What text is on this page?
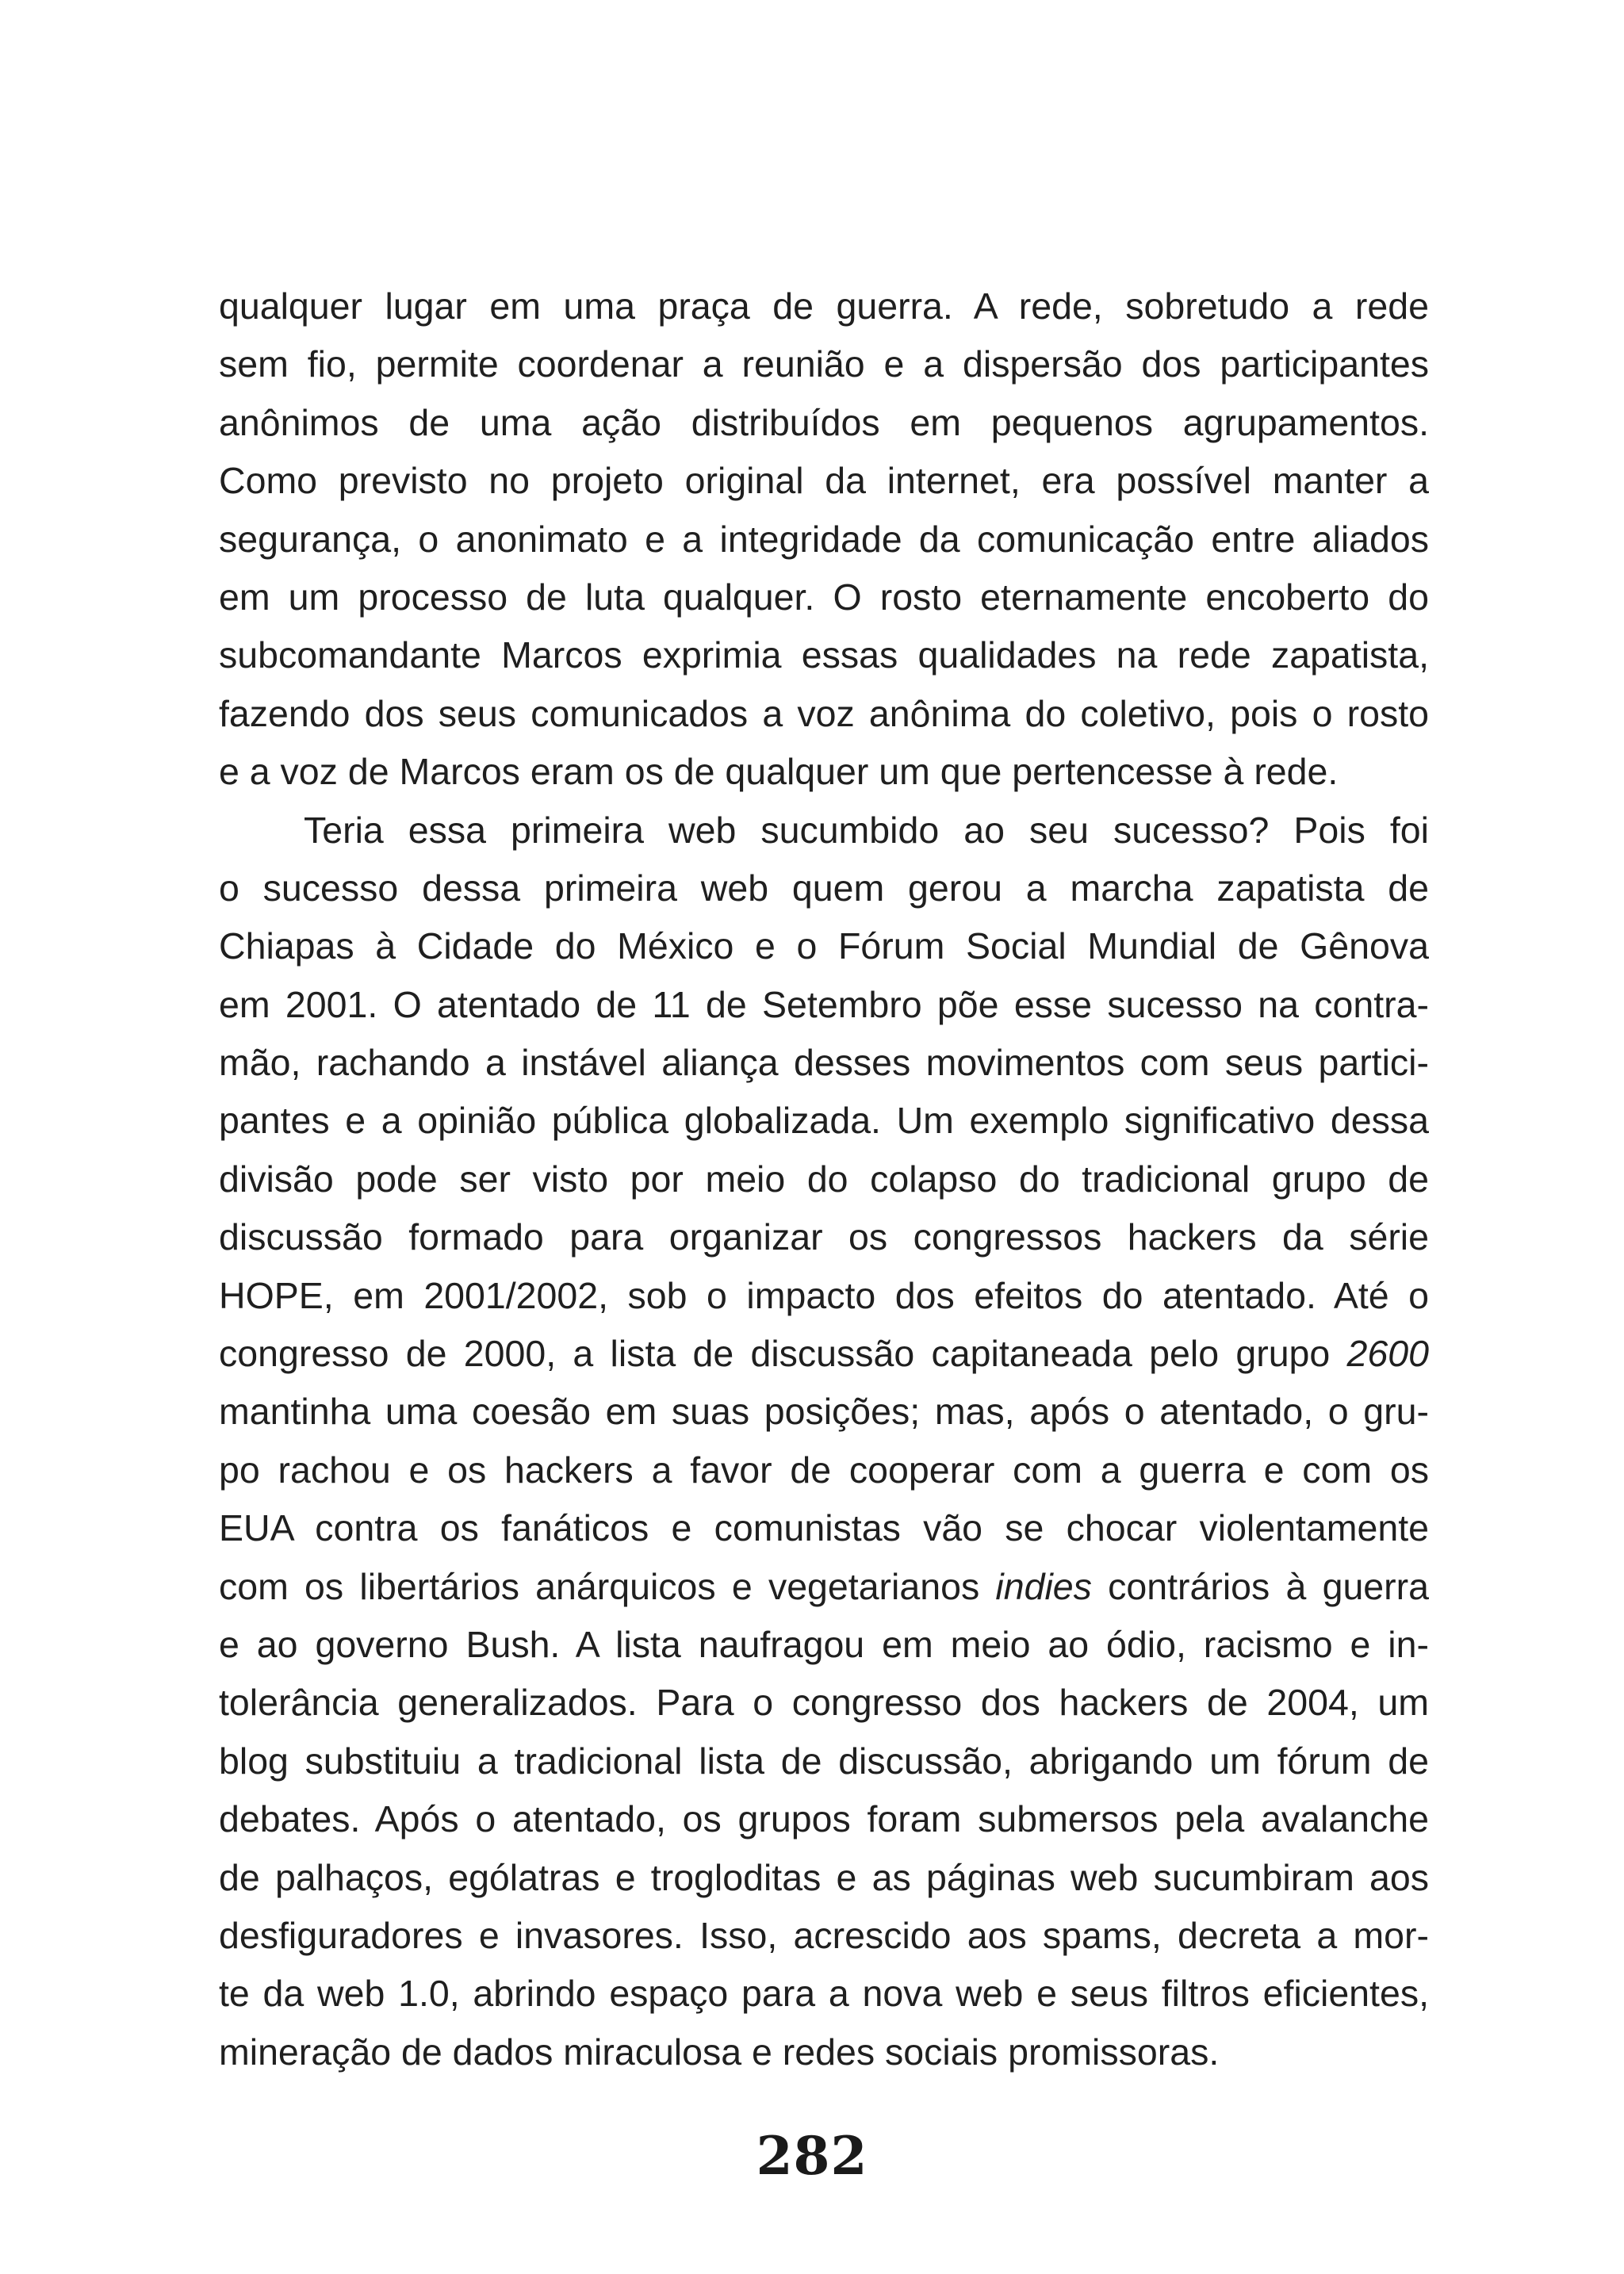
qualquer lugar em uma praça de guerra. A rede, sobretudo a rede
sem fio, permite coordenar a reunião e a dispersão dos participantes
anônimos de uma ação distribuídos em pequenos agrupamentos.
Como previsto no projeto original da internet, era possível manter a
segurança, o anonimato e a integridade da comunicação entre aliados
em um processo de luta qualquer. O rosto eternamente encoberto do
subcomandante Marcos exprimia essas qualidades na rede zapatista,
fazendo dos seus comunicados a voz anônima do coletivo, pois o rosto
e a voz de Marcos eram os de qualquer um que pertencesse à rede.
Teria essa primeira web sucumbido ao seu sucesso? Pois foi
o sucesso dessa primeira web quem gerou a marcha zapatista de
Chiapas à Cidade do México e o Fórum Social Mundial de Gênova
em 2001. O atentado de 11 de Setembro põe esse sucesso na contra-
mão, rachando a instável aliança desses movimentos com seus partici-
pantes e a opinião pública globalizada. Um exemplo significativo dessa
divisão pode ser visto por meio do colapso do tradicional grupo de
discussão formado para organizar os congressos hackers da série
HOPE, em 2001/2002, sob o impacto dos efeitos do atentado. Até o
congresso de 2000, a lista de discussão capitaneada pelo grupo 2600
mantinha uma coesão em suas posições; mas, após o atentado, o gru-
po rachou e os hackers a favor de cooperar com a guerra e com os
EUA contra os fanáticos e comunistas vão se chocar violentamente
com os libertários anárquicos e vegetarianos indies contrários à guerra
e ao governo Bush. A lista naufragou em meio ao ódio, racismo e in-
tolerância generalizados. Para o congresso dos hackers de 2004, um
blog substituiu a tradicional lista de discussão, abrigando um fórum de
debates. Após o atentado, os grupos foram submersos pela avalanche
de palhaços, ególatras e trogloditas e as páginas web sucumbiram aos
desfiguradores e invasores. Isso, acrescido aos spams, decreta a mor-
te da web 1.0, abrindo espaço para a nova web e seus filtros eficientes,
mineração de dados miraculosa e redes sociais promissoras.
282
